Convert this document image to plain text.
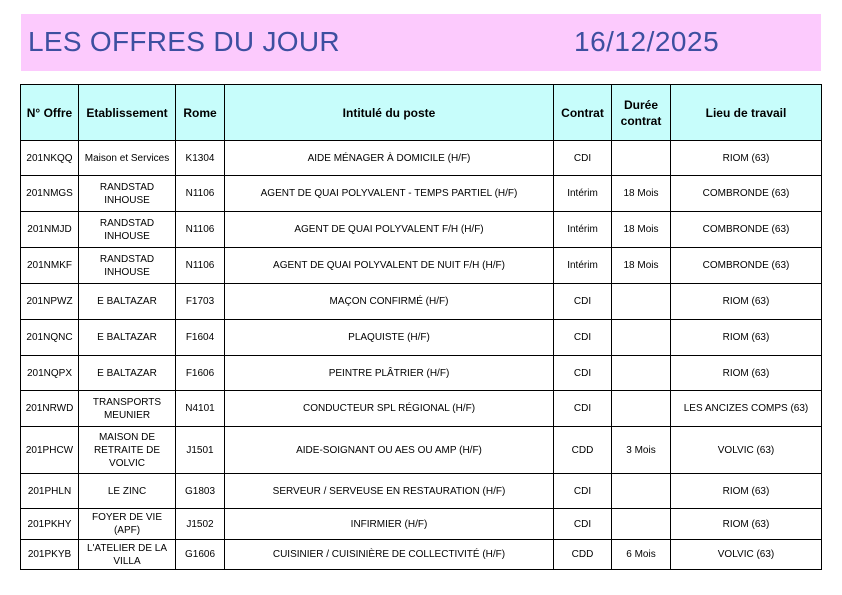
LES OFFRES DU JOUR	16/12/2025
N° Offre	Etablissement	Rome	Intitulé du poste	Contrat	Durée contrat	Lieu de travail
201NKQQ	Maison et Services	K1304	AIDE MÉNAGER À DOMICILE (H/F)	CDI		RIOM (63)
201NMGS	RANDSTAD INHOUSE	N1106	AGENT DE QUAI POLYVALENT - TEMPS PARTIEL (H/F)	Intérim	18 Mois	COMBRONDE (63)
201NMJD	RANDSTAD INHOUSE	N1106	AGENT DE QUAI POLYVALENT F/H (H/F)	Intérim	18 Mois	COMBRONDE (63)
201NMKF	RANDSTAD INHOUSE	N1106	AGENT DE QUAI POLYVALENT DE NUIT F/H (H/F)	Intérim	18 Mois	COMBRONDE (63)
201NPWZ	E BALTAZAR	F1703	MAÇON CONFIRMÉ (H/F)	CDI		RIOM (63)
201NQNC	E BALTAZAR	F1604	PLAQUISTE (H/F)	CDI		RIOM (63)
201NQPX	E BALTAZAR	F1606	PEINTRE PLÂTRIER (H/F)	CDI		RIOM (63)
201NRWD	TRANSPORTS MEUNIER	N4101	CONDUCTEUR SPL RÉGIONAL (H/F)	CDI		LES ANCIZES COMPS (63)
201PHCW	MAISON DE RETRAITE DE VOLVIC	J1501	AIDE-SOIGNANT OU AES OU AMP (H/F)	CDD	3 Mois	VOLVIC (63)
201PHLN	LE ZINC	G1803	SERVEUR / SERVEUSE EN RESTAURATION (H/F)	CDI		RIOM (63)
201PKHY	FOYER DE VIE (APF)	J1502	INFIRMIER (H/F)	CDI		RIOM (63)
201PKYB	L'ATELIER DE LA VILLA	G1606	CUISINIER / CUISINIÈRE DE COLLECTIVITÉ (H/F)	CDD	6 Mois	VOLVIC (63)
